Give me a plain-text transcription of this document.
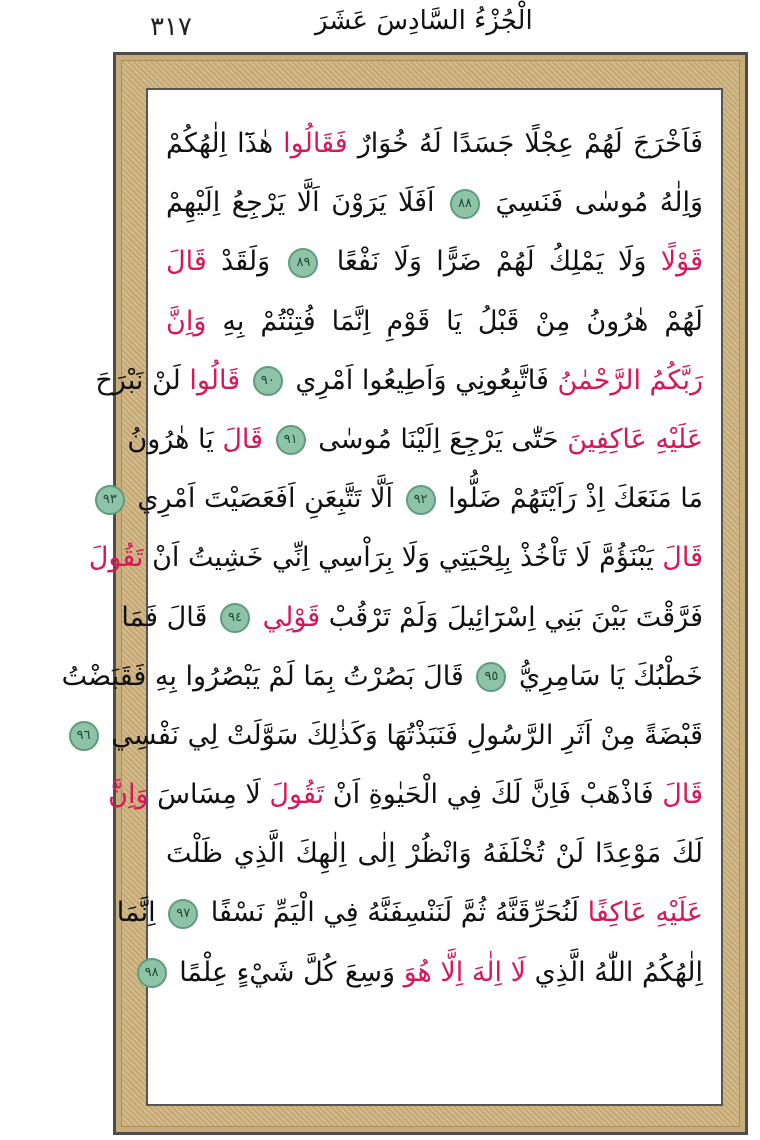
٣١٧	الْجُزْءُ السَّادِسَ عَشَرَ
فَاَخْرَجَ لَهُمْ عِجْلًا جَسَدًا لَهُ خُوَارٌ فَقَالُوا هٰذَٓا اِلٰهُكُمْ
وَاِلٰهُ مُوسٰى فَنَسِيَ ٨٨ اَفَلَا يَرَوْنَ اَلَّا يَرْجِعُ اِلَيْهِمْ
قَوْلًا وَلَا يَمْلِكُ لَهُمْ ضَرًّا وَلَا نَفْعًا ٨٩ وَلَقَدْ قَالَ
لَهُمْ هٰرُونُ مِنْ قَبْلُ يَا قَوْمِ اِنَّمَا فُتِنْتُمْ بِهِ وَاِنَّ
رَبَّكُمُ الرَّحْمٰنُ فَاتَّبِعُونِي وَاَطِيعُوا اَمْرِي ٩٠ قَالُوا لَنْ نَبْرَحَ
عَلَيْهِ عَاكِفِينَ حَتّٰى يَرْجِعَ اِلَيْنَا مُوسٰى ٩١ قَالَ يَا هٰرُونُ
مَا مَنَعَكَ اِذْ رَاَيْتَهُمْ ضَلُّوا ٩٢ اَلَّا تَتَّبِعَنِ اَفَعَصَيْتَ اَمْرِي ٩٣
قَالَ يَبْنَؤُمَّ لَا تَاْخُذْ بِلِحْيَتِي وَلَا بِرَاْسِي اِنِّي خَشِيتُ اَنْ تَقُولَ
فَرَّقْتَ بَيْنَ بَنِي اِسْرَٓائِيلَ وَلَمْ تَرْقُبْ قَوْلِي ٩٤ قَالَ فَمَا
خَطْبُكَ يَا سَامِرِيُّ ٩٥ قَالَ بَصُرْتُ بِمَا لَمْ يَبْصُرُوا بِهِ فَقَبَضْتُ
قَبْضَةً مِنْ اَثَرِ الرَّسُولِ فَنَبَذْتُهَا وَكَذٰلِكَ سَوَّلَتْ لِي نَفْسِي ٩٦
قَالَ فَاذْهَبْ فَاِنَّ لَكَ فِي الْحَيٰوةِ اَنْ تَقُولَ لَا مِسَاسَ وَاِنَّ
لَكَ مَوْعِدًا لَنْ تُخْلَفَهُ وَانْظُرْ اِلٰى اِلٰهِكَ الَّذِي ظَلْتَ
عَلَيْهِ عَاكِفًا لَنُحَرِّقَنَّهُ ثُمَّ لَنَنْسِفَنَّهُ فِي الْيَمِّ نَسْفًا ٩٧ اِنَّمَا
اِلٰهُكُمُ اللّٰهُ الَّذِي لَا اِلٰهَ اِلَّا هُوَ وَسِعَ كُلَّ شَيْءٍ عِلْمًا ٩٨
